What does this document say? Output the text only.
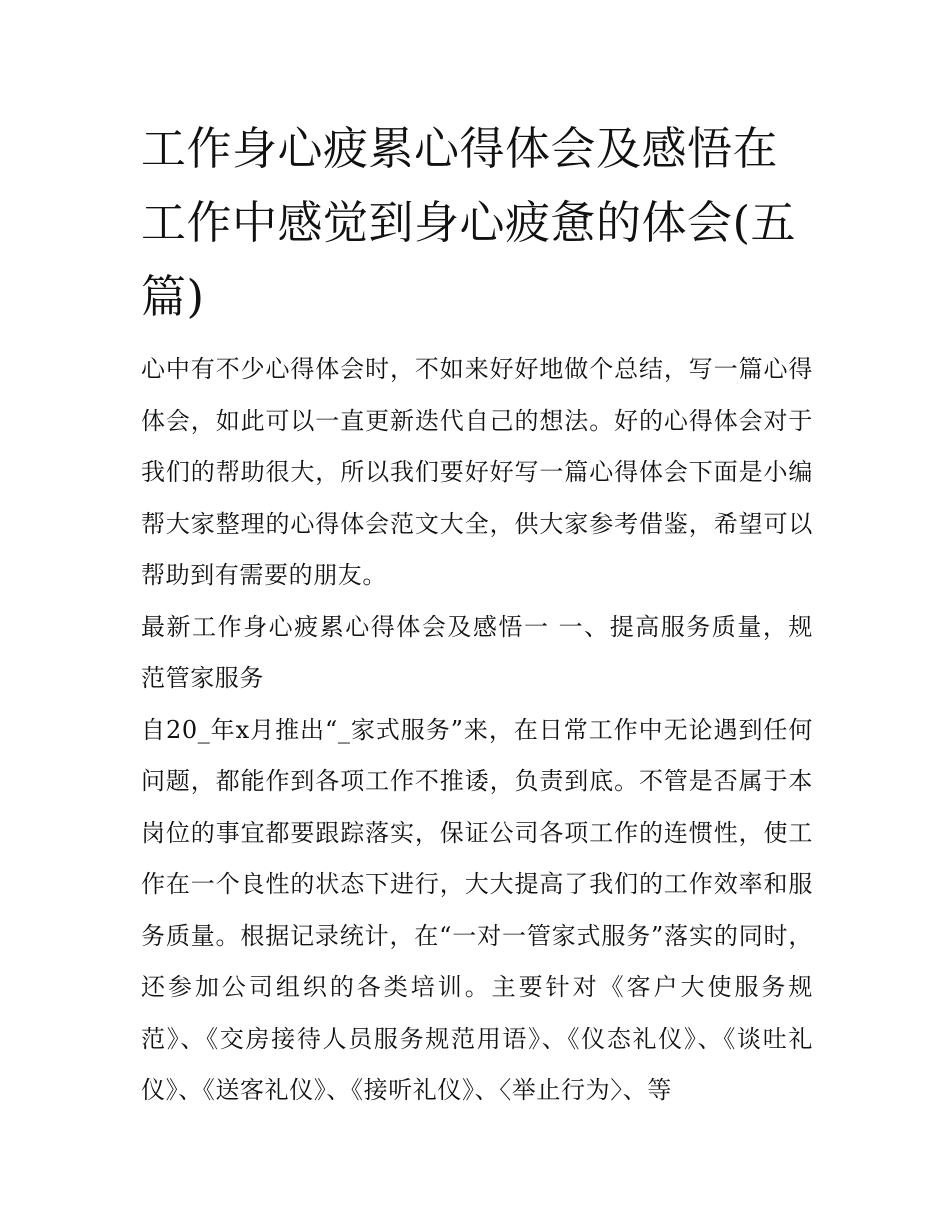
工作身心疲累心得体会及感悟在工作中感觉到身心疲惫的体会(五篇)

心中有不少心得体会时，不如来好好地做个总结，写一篇心得体会，如此可以一直更新迭代自己的想法。好的心得体会对于我们的帮助很大，所以我们要好好写一篇心得体会下面是小编帮大家整理的心得体会范文大全，供大家参考借鉴，希望可以帮助到有需要的朋友。

最新工作身心疲累心得体会及感悟一 一、提高服务质量，规范管家服务

自20_年x月推出“_家式服务”来，在日常工作中无论遇到任何问题，都能作到各项工作不推诿，负责到底。不管是否属于本岗位的事宜都要跟踪落实，保证公司各项工作的连惯性，使工作在一个良性的状态下进行，大大提高了我们的工作效率和服务质量。根据记录统计，在“一对一管家式服务”落实的同时，还参加公司组织的各类培训。主要针对《客户大使服务规范》、《交房接待人员服务规范用语》、《仪态礼仪》、《谈吐礼仪》、《送客礼仪》、《接听礼仪》、〈举止行为〉、等
